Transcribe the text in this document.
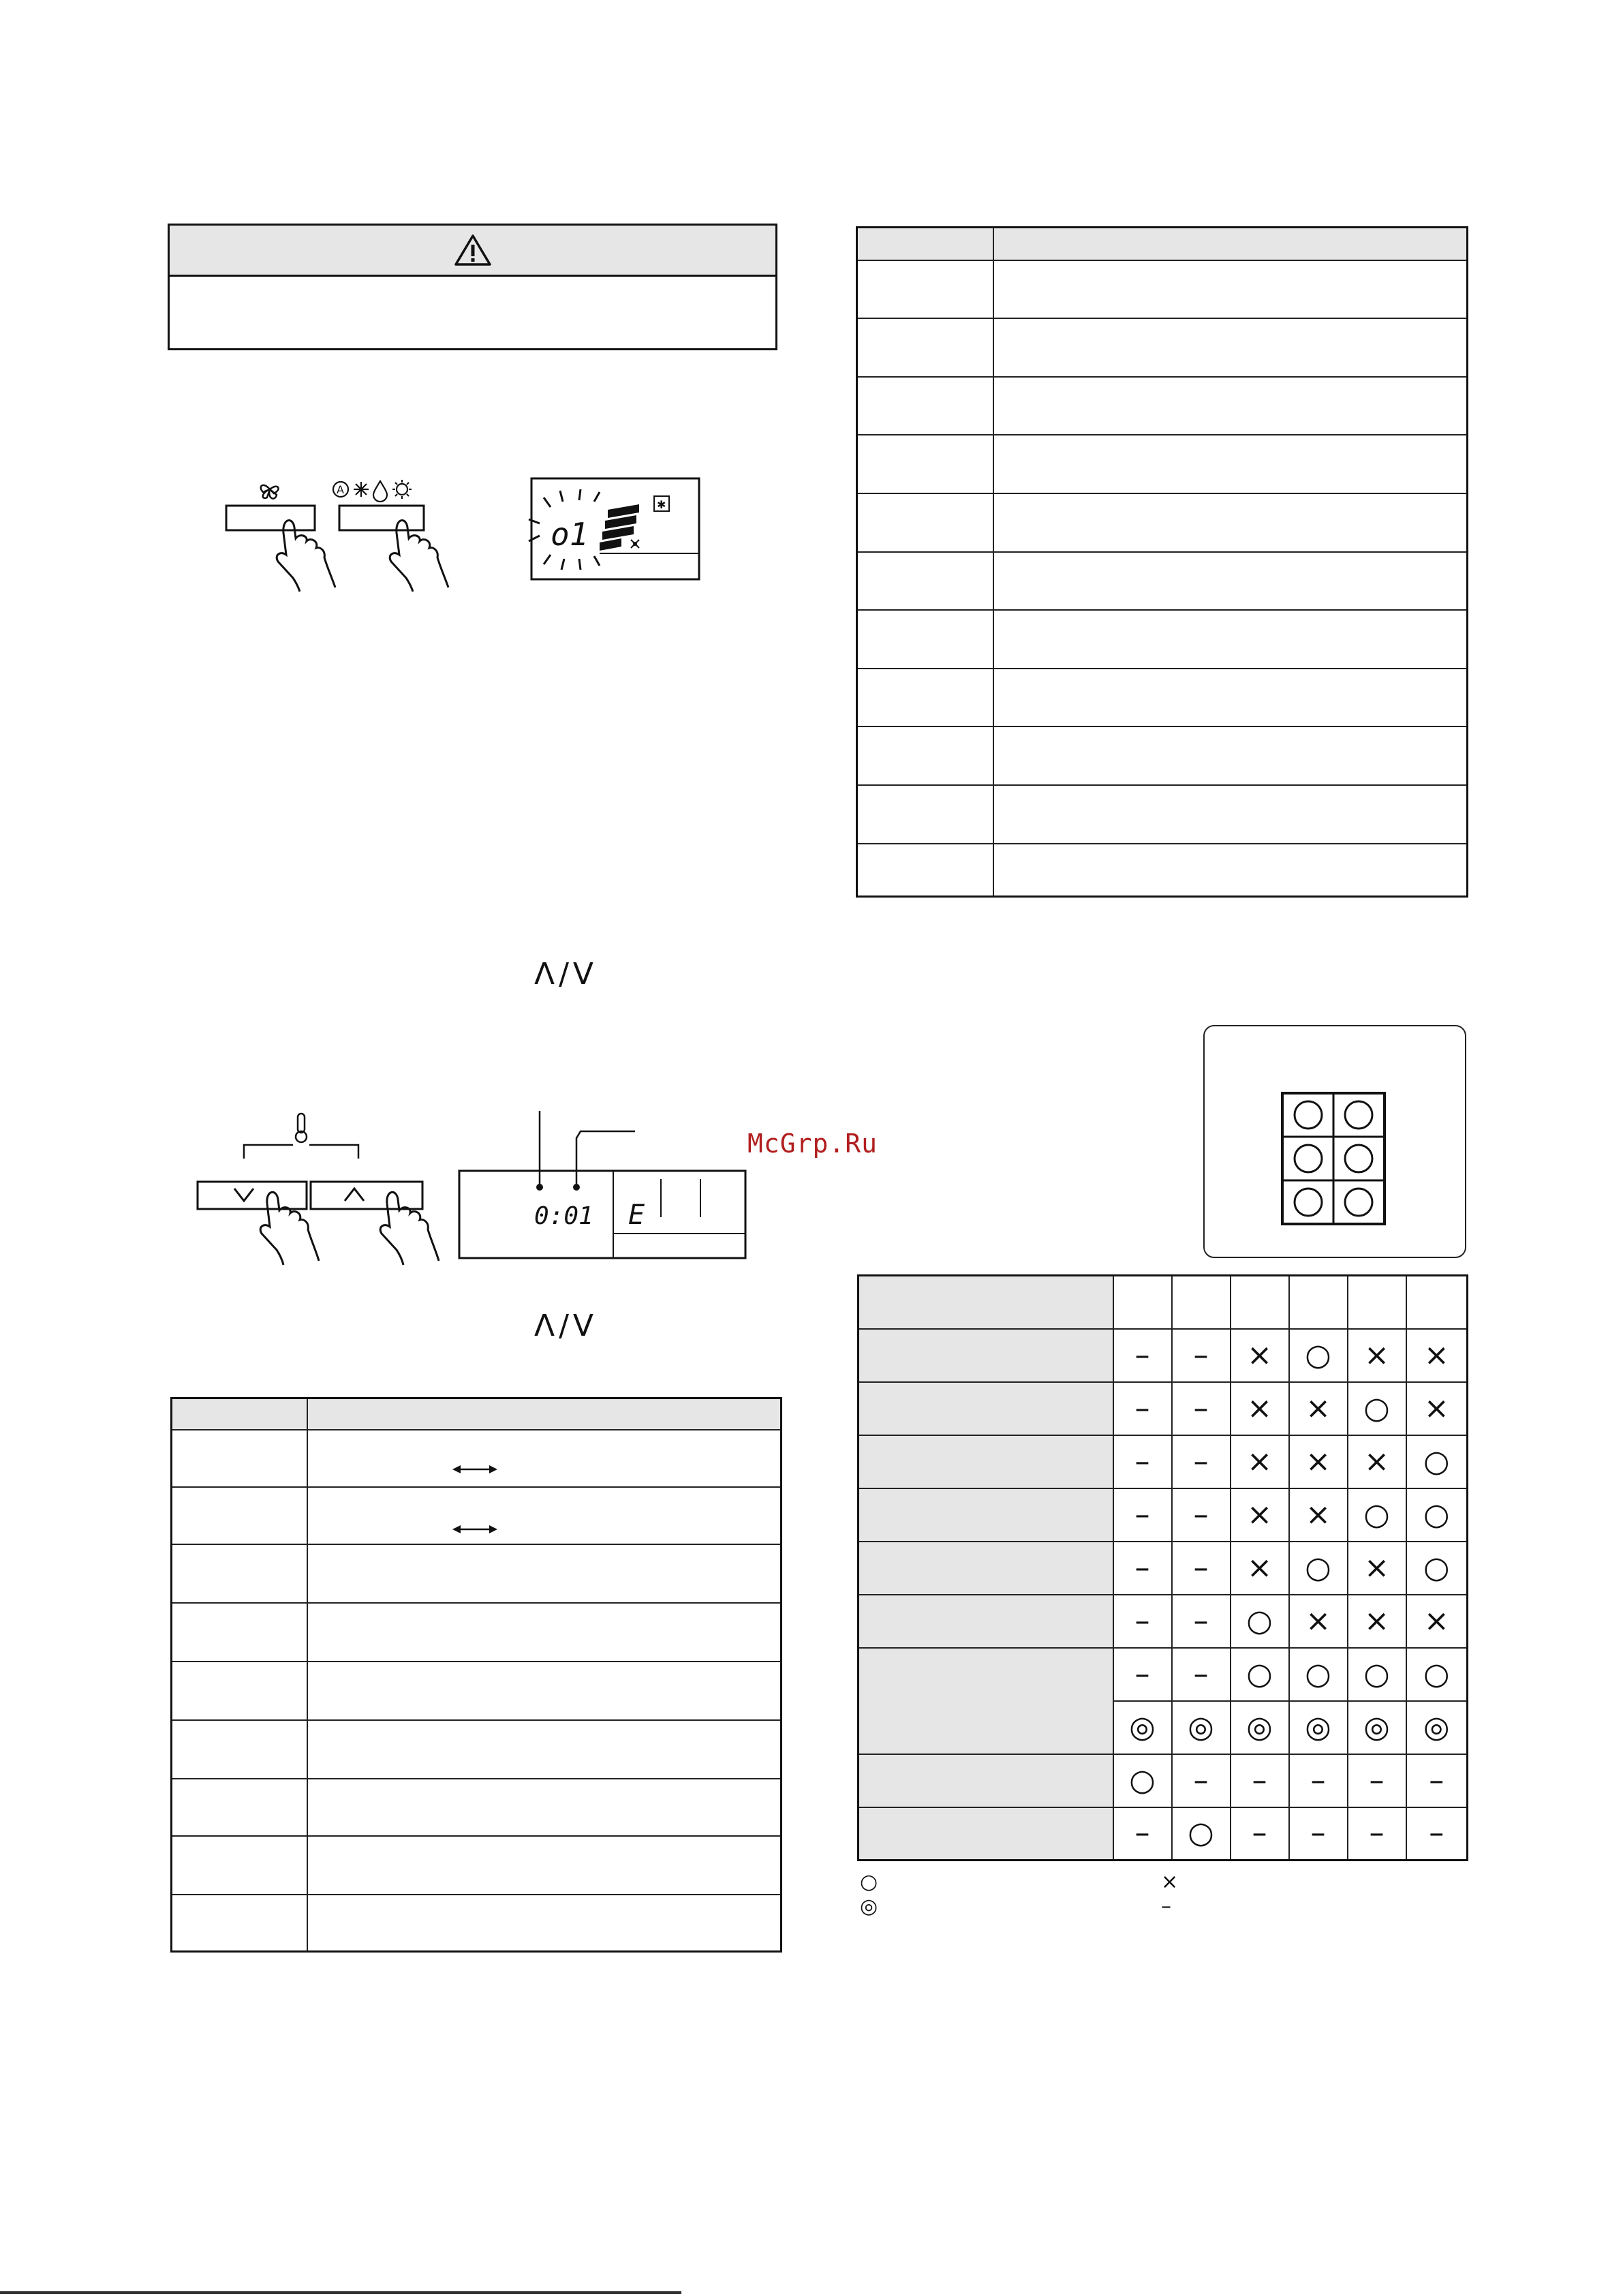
A
o1
✱
Λ/V
0:01 E
McGrp.Ru
Λ/V

	–	–	×	○	×	×
	–	–	×	×	○	×
	–	–	×	×	×	○
	–	–	×	×	○	○
	–	–	×	○	×	○
	–	–	○	×	×	×
	–	–	○	○	○	○
	◎	◎	◎	◎	◎	◎
	○	–	–	–	–	–
	–	○	–	–	–	–
○
◎
×
–
